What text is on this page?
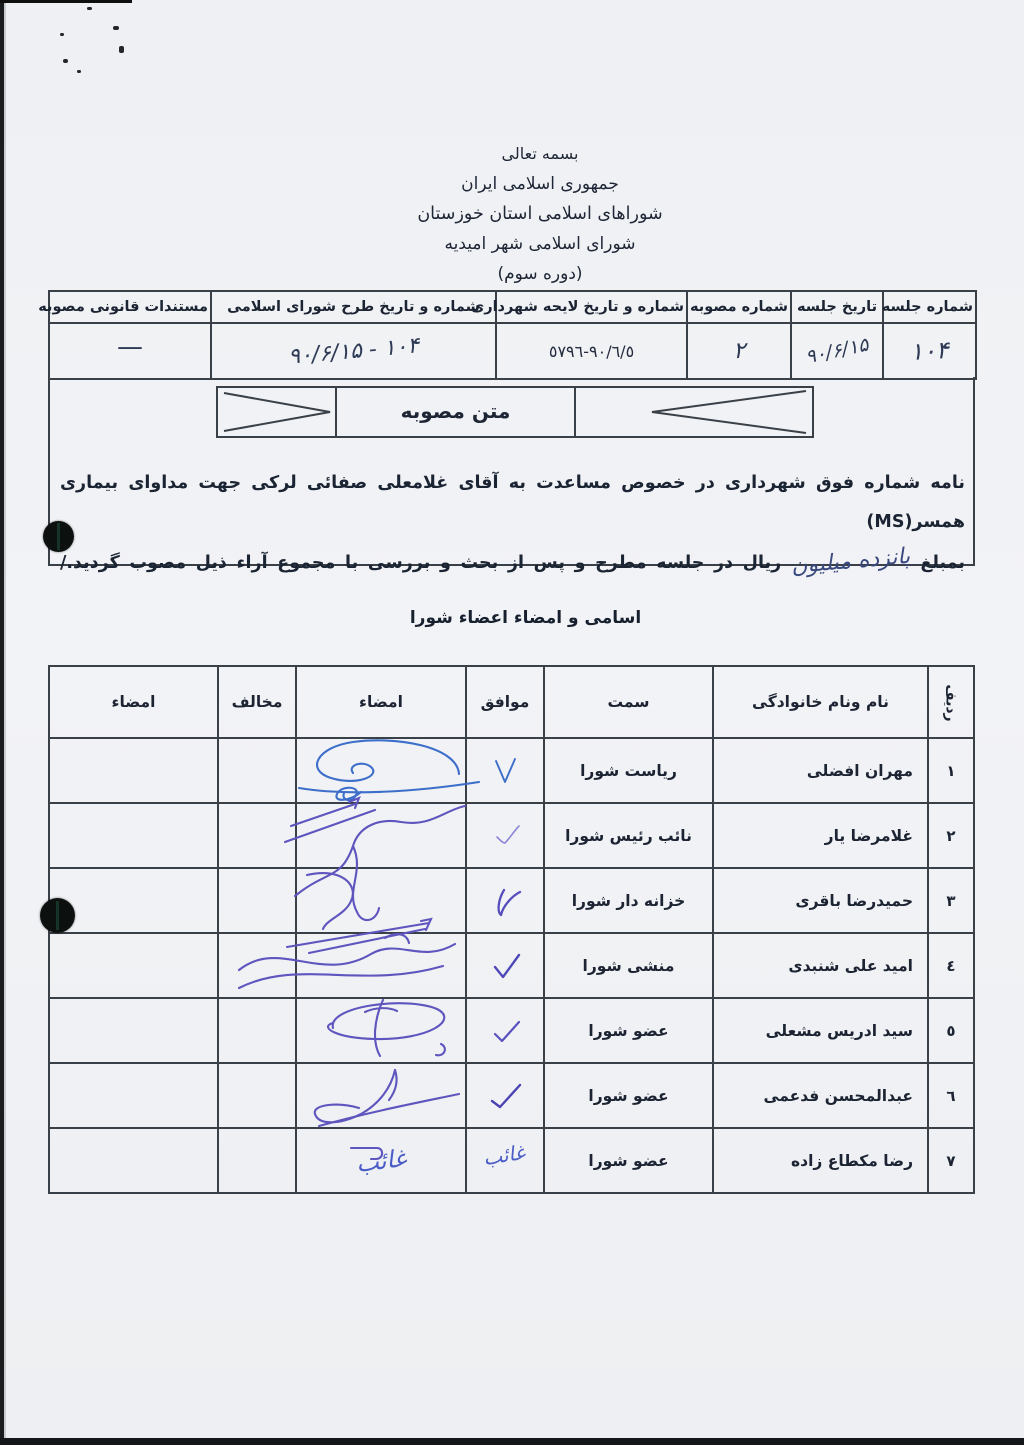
بسمه تعالی
جمهوری اسلامی ایران
شوراهای اسلامی استان خوزستان
شورای اسلامی شهر امیدیه
(دوره سوم)
شماره جلسه	تاریخ جلسه	شماره مصوبه	شماره و تاریخ لایحه شهرداری	شماره و تاریخ طرح شورای اسلامی	مستندات قانونی مصوبه
۱۰۴	۹۰/۶/۱۵	۲	٩٠/٦/٥-٥٧٩٦	۹۰/۶/۱۵ - ۱۰۴	—
متن مصوبه
نامه شماره فوق شهرداری در خصوص مساعدت به آقای غلامعلی صفائی لرکی جهت مداوای بیماری همسر(MS)
بمبلغپانزده میلیونریال در جلسه مطرح و پس از بحث و بررسی با مجموع آراء ذیل مصوب گردید./
اسامی و امضاء اعضاء شورا
ردیف	نام ونام خانوادگی	سمت	موافق	امضاء	مخالف	امضاء
١	مهران افضلی	ریاست شورا		

٢	غلامرضا یار	نائب رئیس شورا		

٣	حمیدرضا باقری	خزانه دار شورا		

٤	امید علی شنبدی	منشی شورا		

٥	سید ادریس مشعلی	عضو شورا		

٦	عبدالمحسن فدعمی	عضو شورا		

٧	رضا مکطاع زاده	عضو شورا	غائب	غائب		
